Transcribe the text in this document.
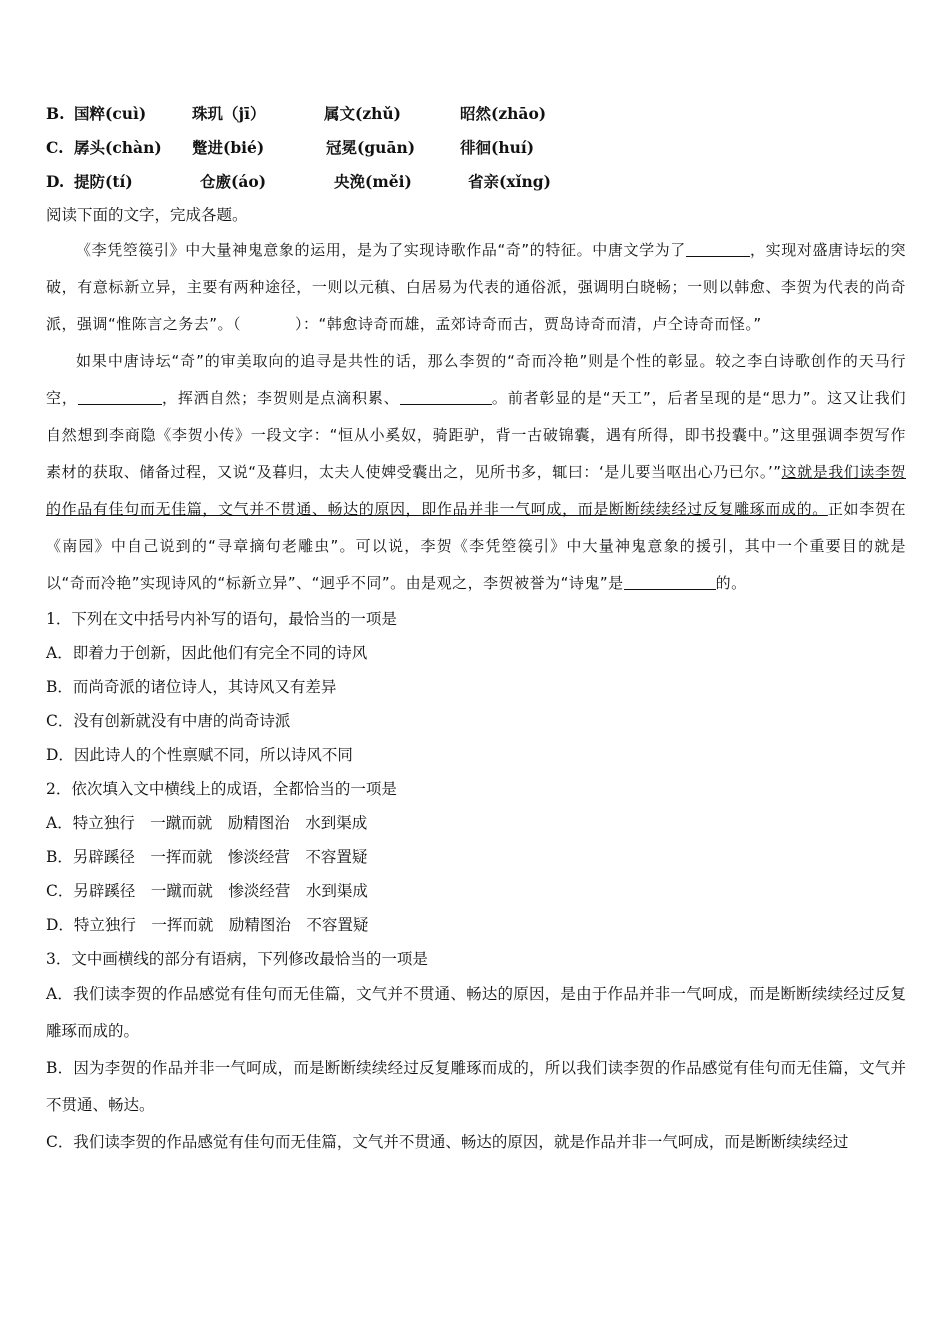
B. 国粹(cuì)	珠玑（jī）	属文(zhǔ)	昭然(zhāo)
C. 孱头(chàn)	蹩进(bié)	冠冕(guān)	徘徊(huí)
D. 提防(tí)	仓廒(áo)	央浼(měi)	省亲(xǐng)
阅读下面的文字，完成各题。

《李凭箜篌引》中大量神鬼意象的运用，是为了实现诗歌作品“奇”的特征。中唐文学为了	，实现对盛唐诗坛的突破，有意标新立异，主要有两种途径，一则以元稹、白居易为代表的通俗派，强调明白晓畅；一则以韩愈、李贺为代表的尚奇派，强调“惟陈言之务去”。（	）：“韩愈诗奇而雄，孟郊诗奇而古，贾岛诗奇而清，卢仝诗奇而怪。”

如果中唐诗坛“奇”的审美取向的追寻是共性的话，那么李贺的“奇而冷艳”则是个性的彰显。较之李白诗歌创作的天马行空，	，挥洒自然；李贺则是点滴积累、	。前者彰显的是“天工”，后者呈现的是“思力”。这又让我们自然想到李商隐《李贺小传》一段文字：“恒从小奚奴，骑距驴，背一古破锦囊，遇有所得，即书投囊中。”这里强调李贺写作素材的获取、储备过程，又说“及暮归，太夫人使婢受囊出之，见所书多，辄曰：‘是儿要当呕出心乃已尔。’”这就是我们读李贺的作品有佳句而无佳篇，文气并不贯通、畅达的原因，即作品并非一气呵成，而是断断续续经过反复雕琢而成的。正如李贺在《南园》中自己说到的“寻章摘句老雕虫”。可以说，李贺《李凭箜篌引》中大量神鬼意象的援引，其中一个重要目的就是以“奇而冷艳”实现诗风的“标新立异”、“迥乎不同”。由是观之，李贺被誉为“诗鬼”是	的。

1．下列在文中括号内补写的语句，最恰当的一项是

A．即着力于创新，因此他们有完全不同的诗风

B．而尚奇派的诸位诗人，其诗风又有差异

C．没有创新就没有中唐的尚奇诗派

D．因此诗人的个性禀赋不同，所以诗风不同

2．依次填入文中横线上的成语，全都恰当的一项是

A．特立独行　一蹴而就　励精图治　水到渠成

B．另辟蹊径　一挥而就　惨淡经营　不容置疑

C．另辟蹊径　一蹴而就　惨淡经营　水到渠成

D．特立独行　一挥而就　励精图治　不容置疑

3．文中画横线的部分有语病，下列修改最恰当的一项是

A．我们读李贺的作品感觉有佳句而无佳篇，文气并不贯通、畅达的原因，是由于作品并非一气呵成，而是断断续续经过反复雕琢而成的。

B．因为李贺的作品并非一气呵成，而是断断续续经过反复雕琢而成的，所以我们读李贺的作品感觉有佳句而无佳篇，文气并不贯通、畅达。

C．我们读李贺的作品感觉有佳句而无佳篇，文气并不贯通、畅达的原因，就是作品并非一气呵成，而是断断续续经过
